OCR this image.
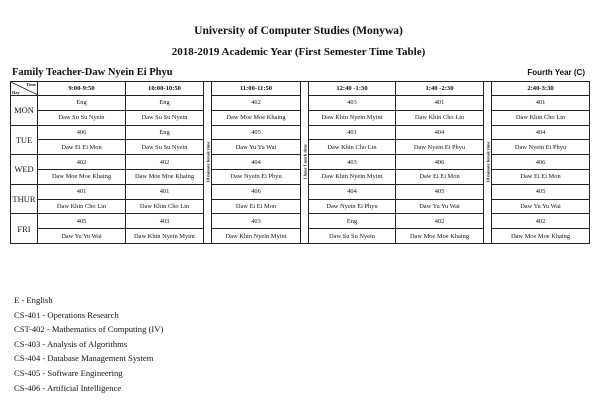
University of Computer Studies (Monywa)
2018-2019 Academic Year (First Semester Time Table)
Family Teacher-Daw Nyein Ei Phyu	Fourth Year (C)
Time
Day	9:00-9:50	10:00-10:50	10 minute break time	11:00-11:50	1 hour Lunch time	12:40 -1:30	1:40 -2:30	10 minute break time	2:40-3:30
MON	Eng	Eng		402		403	401		401
	Daw Su Su Nyein	Daw Su Su Nyein		Daw Moe Moe Khaing		Daw Khin Nyein Myint	Daw Khin Cho Lin		Daw Khin Cho Lin
TUE	406	Eng		405		401	404		404
	Daw Ei Ei Mon	Daw Su Su Nyein		Daw Yu Yu Wai		Daw Khin Cho Lin	Daw Nyein Ei Phyu		Daw Nyein Ei Phyu
WED	402	402		404		403	406		406
	Daw Moe Moe Khaing	Daw Moe Moe Khaing		Daw Nyein Ei Phyu		Daw Khin Nyein Myint	Daw Ei Ei Mon		Daw Ei Ei Mon
THUR	401	401		406		404	405		405
	Daw Khin Cho Lin	Daw Khin Cho Lin		Daw Ei Ei Mon		Daw Nyein Ei Phyu	Daw Yu Yu Wai		Daw Yu Yu Wai
FRI	405	403		403		Eng	402		402
	Daw Yu Yu Wai	Daw Khin Nyein Myint		Daw Khin Nyein Myint		Daw Su Su Nyein	Daw Moe Moe Khaing		Daw Moe Moe Khaing
E - English
CS-401 - Operations Research
CST-402 - Mathematics of Computing (IV)
CS-403 - Analysis of Algorithms
CS-404 - Database Management System
CS-405 - Software Engineering
CS-406 - Artificial Intelligence
